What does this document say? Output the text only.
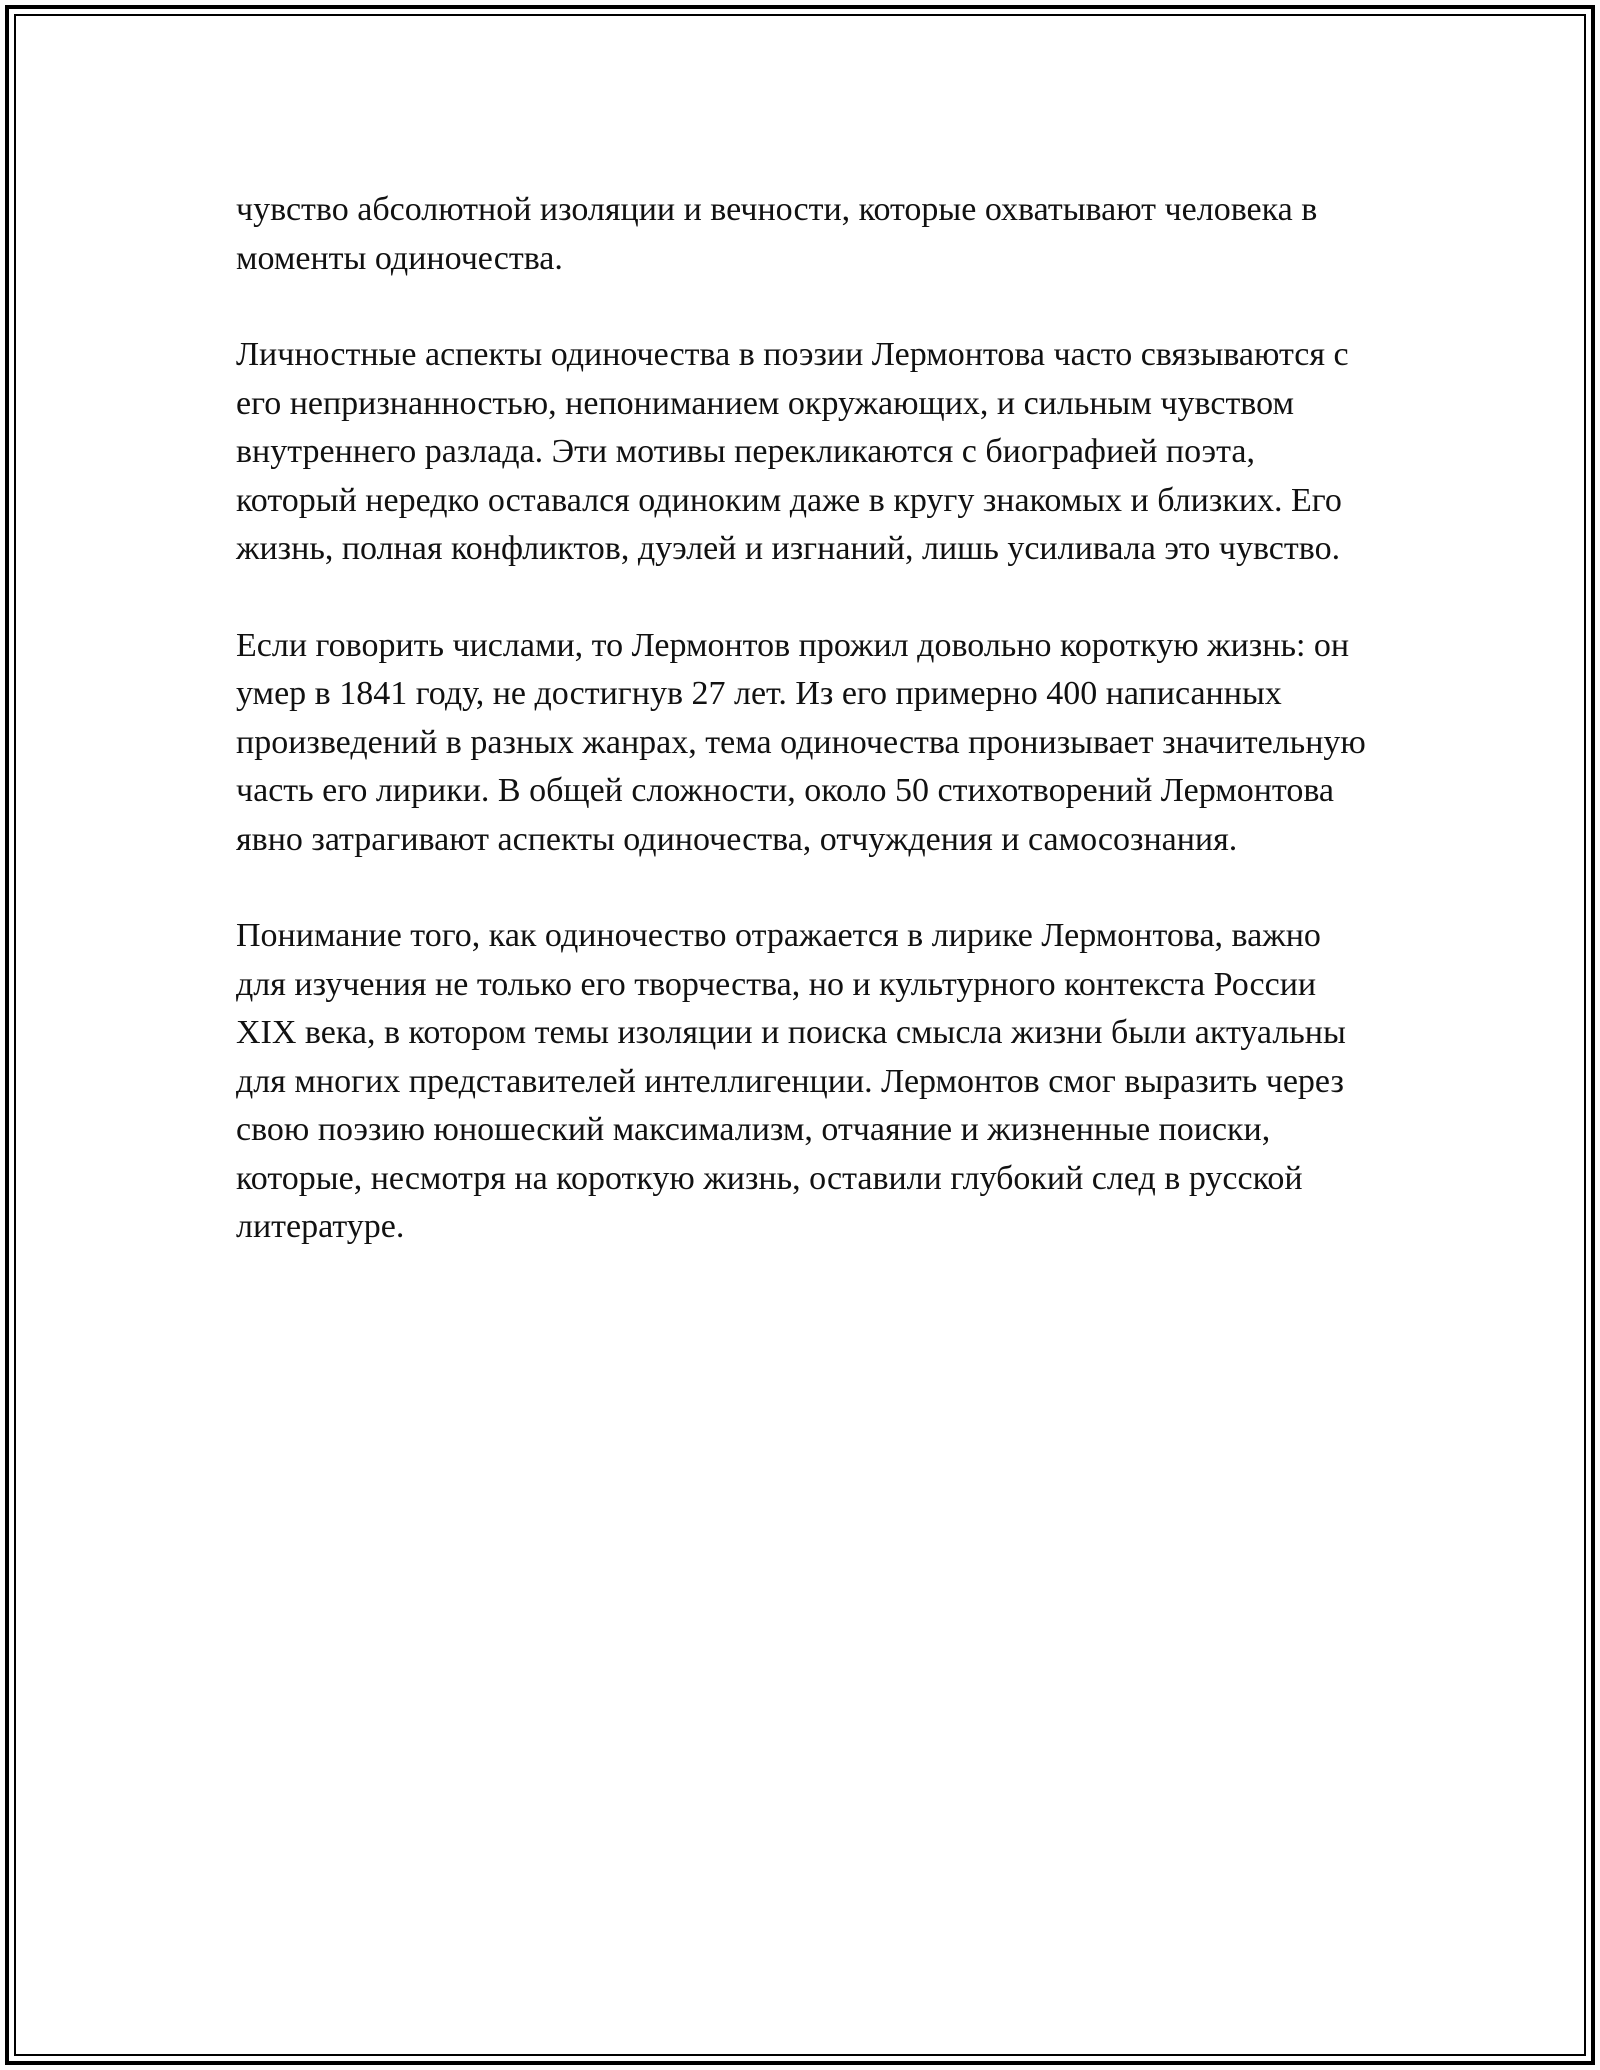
чувство абсолютной изоляции и вечности, которые охватывают человека в моменты одиночества.

Личностные аспекты одиночества в поэзии Лермонтова часто связываются с его непризнанностью, непониманием окружающих, и сильным чувством внутреннего разлада. Эти мотивы перекликаются с биографией поэта, который нередко оставался одиноким даже в кругу знакомых и близких. Его жизнь, полная конфликтов, дуэлей и изгнаний, лишь усиливала это чувство.

Если говорить числами, то Лермонтов прожил довольно короткую жизнь: он умер в 1841 году, не достигнув 27 лет. Из его примерно 400 написанных произведений в разных жанрах, тема одиночества пронизывает значительную часть его лирики. В общей сложности, около 50 стихотворений Лермонтова явно затрагивают аспекты одиночества, отчуждения и самосознания.

Понимание того, как одиночество отражается в лирике Лермонтова, важно для изучения не только его творчества, но и культурного контекста России XIX века, в котором темы изоляции и поиска смысла жизни были актуальны для многих представителей интеллигенции. Лермонтов смог выразить через свою поэзию юношеский максимализм, отчаяние и жизненные поиски, которые, несмотря на короткую жизнь, оставили глубокий след в русской литературе.
